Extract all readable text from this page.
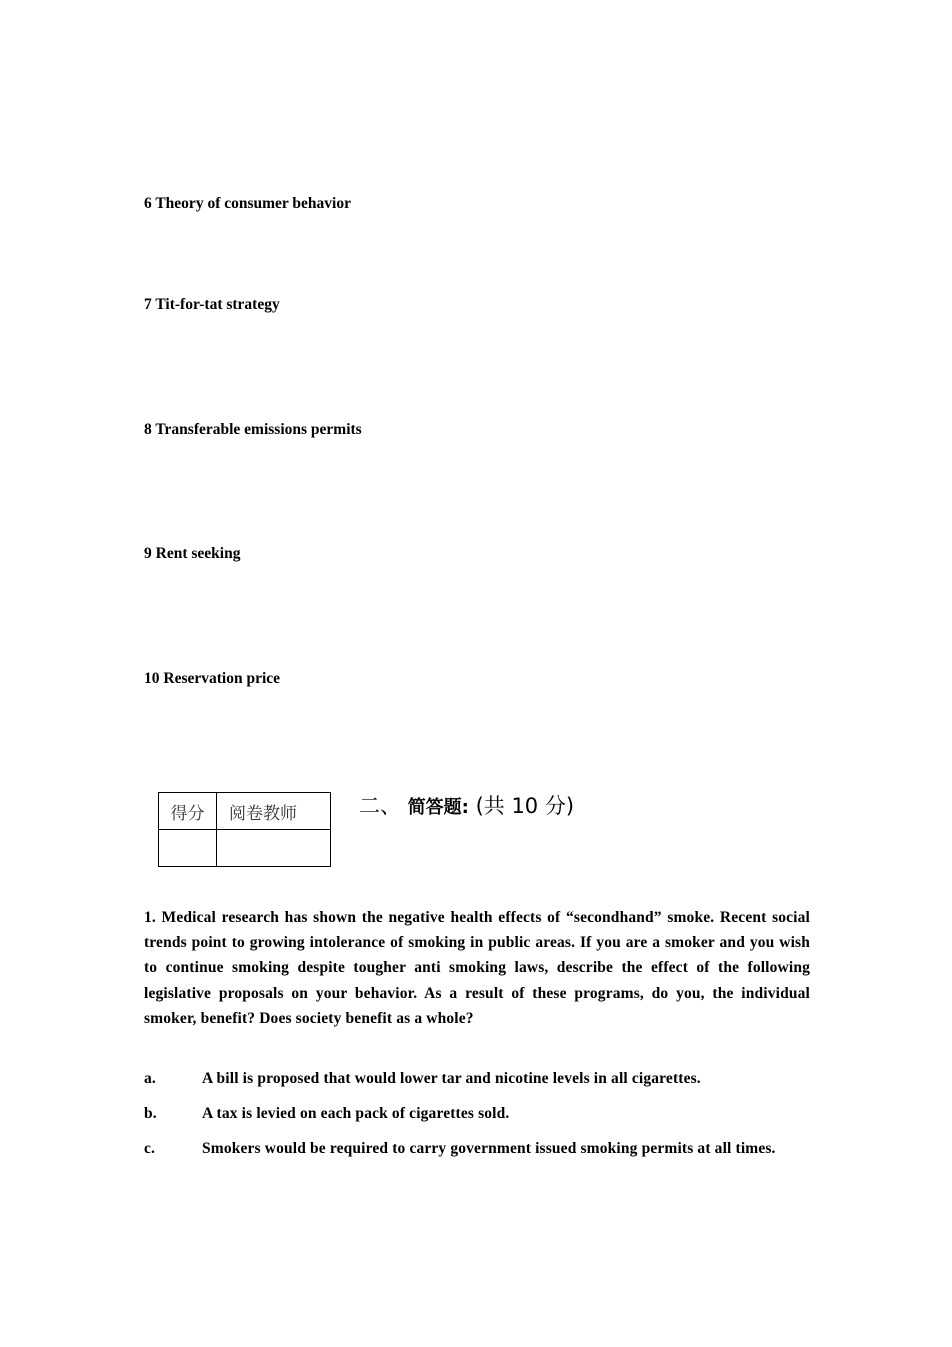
6 Theory of consumer behavior
7 Tit-for-tat strategy
8 Transferable emissions permits
9 Rent seeking
10 Reservation price
得分	阅卷教师
		二、 简答题: (共 10 分)
1. Medical research has shown the negative health effects of “secondhand” smoke. Recent social trends point to growing intolerance of smoking in public areas. If you are a smoker and you wish to continue smoking despite tougher anti smoking laws, describe the effect of the following legislative proposals on your behavior. As a result of these programs, do you, the individual smoker, benefit? Does society benefit as a whole?
a.	A bill is proposed that would lower tar and nicotine levels in all cigarettes.
b.	A tax is levied on each pack of cigarettes sold.
c.	Smokers would be required to carry government issued smoking permits at all times.
